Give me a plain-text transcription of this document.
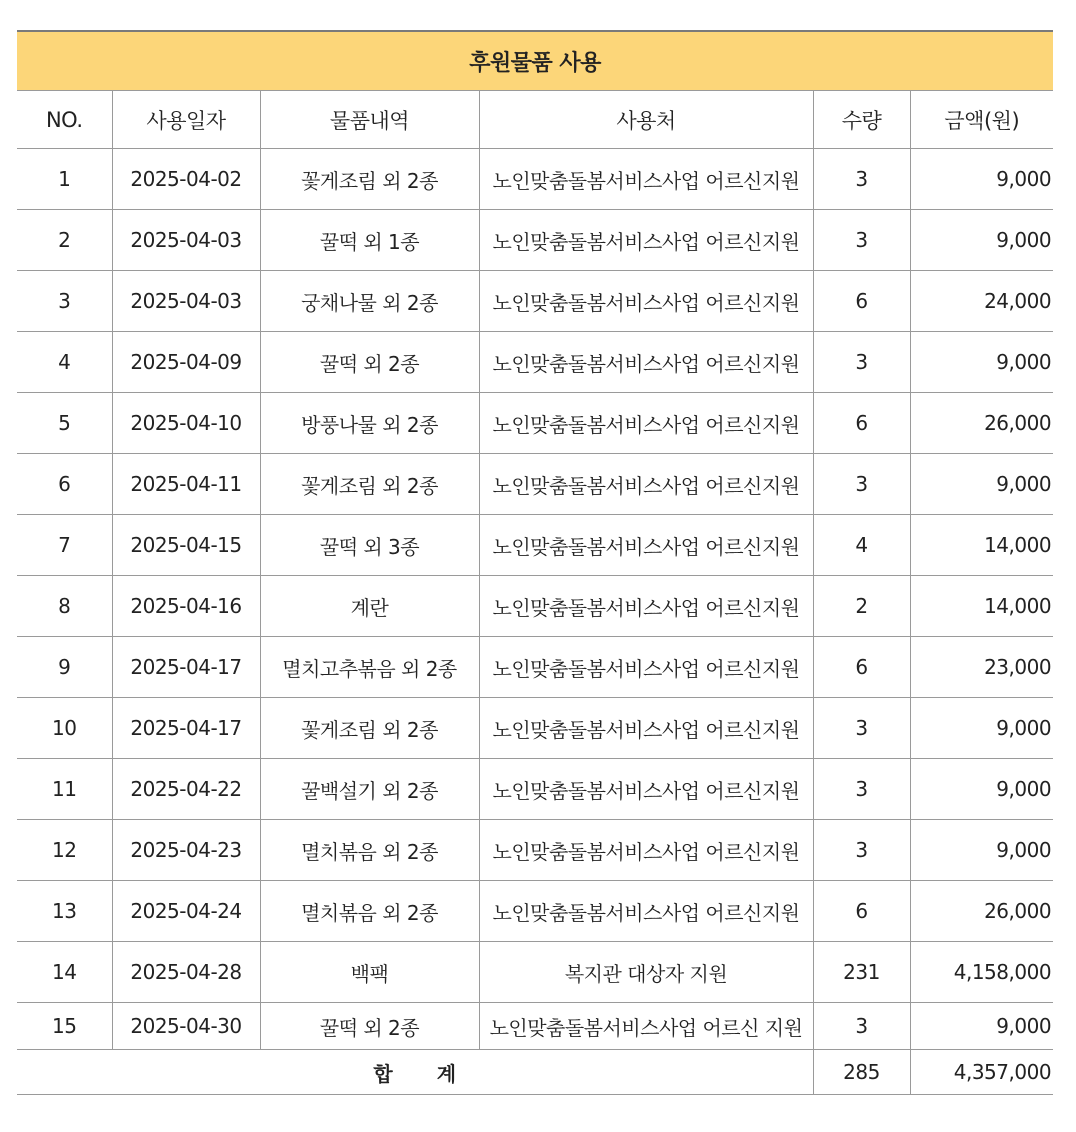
후원물품 사용					
NO.	사용일자	물품내역	사용처	수량	금액(원)
1	2025-04-02	꽃게조림 외 2종	노인맞춤돌봄서비스사업 어르신지원	3	9,000
2	2025-04-03	꿀떡 외 1종	노인맞춤돌봄서비스사업 어르신지원	3	9,000
3	2025-04-03	궁채나물 외 2종	노인맞춤돌봄서비스사업 어르신지원	6	24,000
4	2025-04-09	꿀떡 외 2종	노인맞춤돌봄서비스사업 어르신지원	3	9,000
5	2025-04-10	방풍나물 외 2종	노인맞춤돌봄서비스사업 어르신지원	6	26,000
6	2025-04-11	꽃게조림 외 2종	노인맞춤돌봄서비스사업 어르신지원	3	9,000
7	2025-04-15	꿀떡 외 3종	노인맞춤돌봄서비스사업 어르신지원	4	14,000
8	2025-04-16	계란	노인맞춤돌봄서비스사업 어르신지원	2	14,000
9	2025-04-17	멸치고추볶음 외 2종	노인맞춤돌봄서비스사업 어르신지원	6	23,000
10	2025-04-17	꽃게조림 외 2종	노인맞춤돌봄서비스사업 어르신지원	3	9,000
11	2025-04-22	꿀백설기 외 2종	노인맞춤돌봄서비스사업 어르신지원	3	9,000
12	2025-04-23	멸치볶음 외 2종	노인맞춤돌봄서비스사업 어르신지원	3	9,000
13	2025-04-24	멸치볶음 외 2종	노인맞춤돌봄서비스사업 어르신지원	6	26,000
14	2025-04-28	백팩	복지관 대상자 지원	231	4,158,000
15	2025-04-30	꿀떡 외 2종	노인맞춤돌봄서비스사업 어르신 지원	3	9,000
합계				285	4,357,000
